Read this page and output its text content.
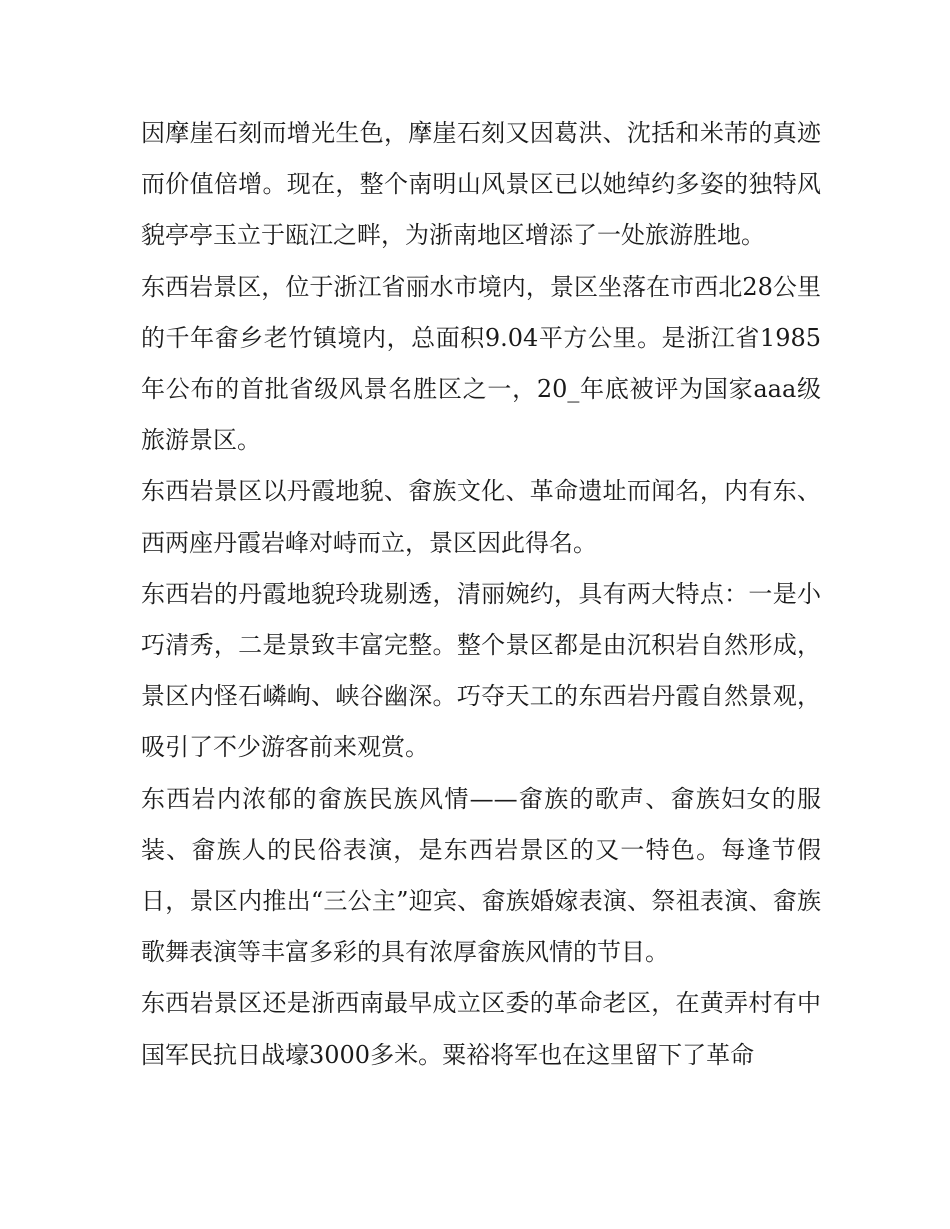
因摩崖石刻而增光生色，摩崖石刻又因葛洪、沈括和米芾的真迹而价值倍增。现在，整个南明山风景区已以她绰约多姿的独特风貌亭亭玉立于瓯江之畔，为浙南地区增添了一处旅游胜地。

东西岩景区，位于浙江省丽水市境内，景区坐落在市西北28公里的千年畲乡老竹镇境内，总面积9.04平方公里。是浙江省1985年公布的首批省级风景名胜区之一，20_年底被评为国家aaa级旅游景区。

东西岩景区以丹霞地貌、畲族文化、革命遗址而闻名，内有东、西两座丹霞岩峰对峙而立，景区因此得名。

东西岩的丹霞地貌玲珑剔透，清丽婉约，具有两大特点：一是小巧清秀，二是景致丰富完整。整个景区都是由沉积岩自然形成，景区内怪石嶙峋、峡谷幽深。巧夺天工的东西岩丹霞自然景观，吸引了不少游客前来观赏。

东西岩内浓郁的畲族民族风情——畲族的歌声、畲族妇女的服装、畲族人的民俗表演，是东西岩景区的又一特色。每逢节假日，景区内推出“三公主”迎宾、畲族婚嫁表演、祭祖表演、畲族歌舞表演等丰富多彩的具有浓厚畲族风情的节目。

东西岩景区还是浙西南最早成立区委的革命老区，在黄弄村有中国军民抗日战壕3000多米。粟裕将军也在这里留下了革命
